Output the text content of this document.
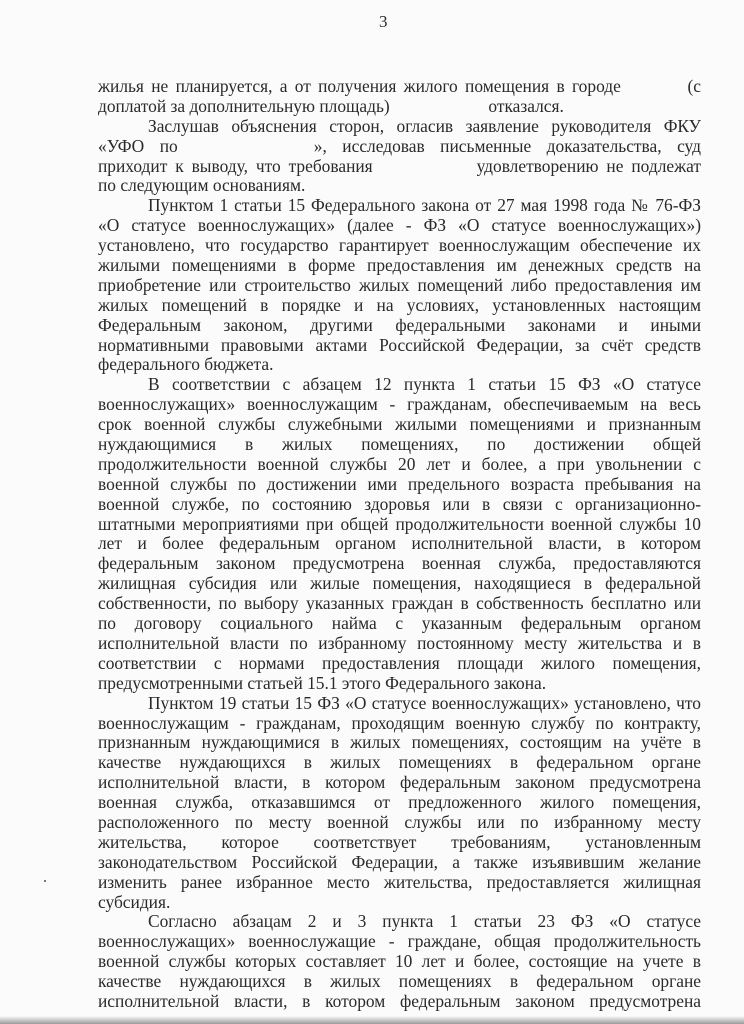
3
жилья не планируется, а от получения жилого помещения в городе	(с
доплатой за дополнительную площадь)	отказался.
Заслушав объяснения сторон, огласив заявление руководителя ФКУ
«УФО по	», исследовав письменные доказательства, суд
приходит к выводу, что требования	удовлетворению не подлежат
по следующим основаниям.
Пунктом 1 статьи 15 Федерального закона от 27 мая 1998 года № 76-ФЗ
«О статусе военнослужащих» (далее - ФЗ «О статусе военнослужащих»)
установлено, что государство гарантирует военнослужащим обеспечение их
жилыми помещениями в форме предоставления им денежных средств на
приобретение или строительство жилых помещений либо предоставления им
жилых помещений в порядке и на условиях, установленных настоящим
Федеральным законом, другими федеральными законами и иными
нормативными правовыми актами Российской Федерации, за счёт средств
федерального бюджета.
В соответствии с абзацем 12 пункта 1 статьи 15 ФЗ «О статусе
военнослужащих» военнослужащим - гражданам, обеспечиваемым на весь
срок военной службы служебными жилыми помещениями и признанным
нуждающимися в жилых помещениях, по достижении общей
продолжительности военной службы 20 лет и более, а при увольнении с
военной службы по достижении ими предельного возраста пребывания на
военной службе, по состоянию здоровья или в связи с организационно-
штатными мероприятиями при общей продолжительности военной службы 10
лет и более федеральным органом исполнительной власти, в котором
федеральным законом предусмотрена военная служба, предоставляются
жилищная субсидия или жилые помещения, находящиеся в федеральной
собственности, по выбору указанных граждан в собственность бесплатно или
по договору социального найма с указанным федеральным органом
исполнительной власти по избранному постоянному месту жительства и в
соответствии с нормами предоставления площади жилого помещения,
предусмотренными статьей 15.1 этого Федерального закона.
Пунктом 19 статьи 15 ФЗ «О статусе военнослужащих» установлено, что
военнослужащим - гражданам, проходящим военную службу по контракту,
признанным нуждающимися в жилых помещениях, состоящим на учёте в
качестве нуждающихся в жилых помещениях в федеральном органе
исполнительной власти, в котором федеральным законом предусмотрена
военная служба, отказавшимся от предложенного жилого помещения,
расположенного по месту военной службы или по избранному месту
жительства, которое соответствует требованиям, установленным
законодательством Российской Федерации, а также изъявившим желание
изменить ранее избранное место жительства, предоставляется жилищная
субсидия.
Согласно абзацам 2 и 3 пункта 1 статьи 23 ФЗ «О статусе
военнослужащих» военнослужащие - граждане, общая продолжительность
военной службы которых составляет 10 лет и более, состоящие на учете в
качестве нуждающихся в жилых помещениях в федеральном органе
исполнительной власти, в котором федеральным законом предусмотрена
